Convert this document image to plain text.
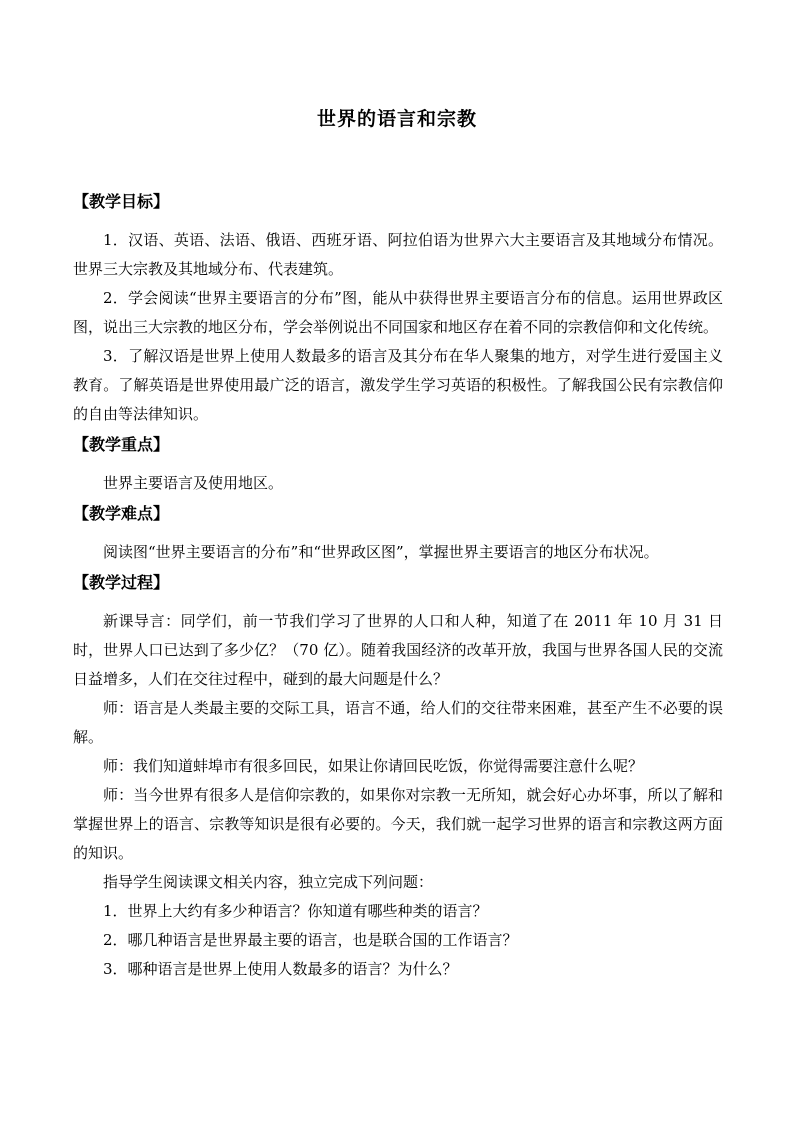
世界的语言和宗教
【教学目标】

1．汉语、英语、法语、俄语、西班牙语、阿拉伯语为世界六大主要语言及其地域分布情况。世界三大宗教及其地域分布、代表建筑。

2．学会阅读“世界主要语言的分布”图，能从中获得世界主要语言分布的信息。运用世界政区图，说出三大宗教的地区分布，学会举例说出不同国家和地区存在着不同的宗教信仰和文化传统。

3．了解汉语是世界上使用人数最多的语言及其分布在华人聚集的地方，对学生进行爱国主义教育。了解英语是世界使用最广泛的语言，激发学生学习英语的积极性。了解我国公民有宗教信仰的自由等法律知识。

【教学重点】

世界主要语言及使用地区。

【教学难点】

阅读图“世界主要语言的分布”和“世界政区图”，掌握世界主要语言的地区分布状况。

【教学过程】

新课导言：同学们，前一节我们学习了世界的人口和人种，知道了在 2011 年 10 月 31 日时，世界人口已达到了多少亿？（70 亿）。随着我国经济的改革开放，我国与世界各国人民的交流日益增多，人们在交往过程中，碰到的最大问题是什么？

师：语言是人类最主要的交际工具，语言不通，给人们的交往带来困难，甚至产生不必要的误解。

师：我们知道蚌埠市有很多回民，如果让你请回民吃饭，你觉得需要注意什么呢？

师：当今世界有很多人是信仰宗教的，如果你对宗教一无所知，就会好心办坏事，所以了解和掌握世界上的语言、宗教等知识是很有必要的。今天，我们就一起学习世界的语言和宗教这两方面的知识。

指导学生阅读课文相关内容，独立完成下列问题：

1．世界上大约有多少种语言？你知道有哪些种类的语言？

2．哪几种语言是世界最主要的语言，也是联合国的工作语言？

3．哪种语言是世界上使用人数最多的语言？为什么？
